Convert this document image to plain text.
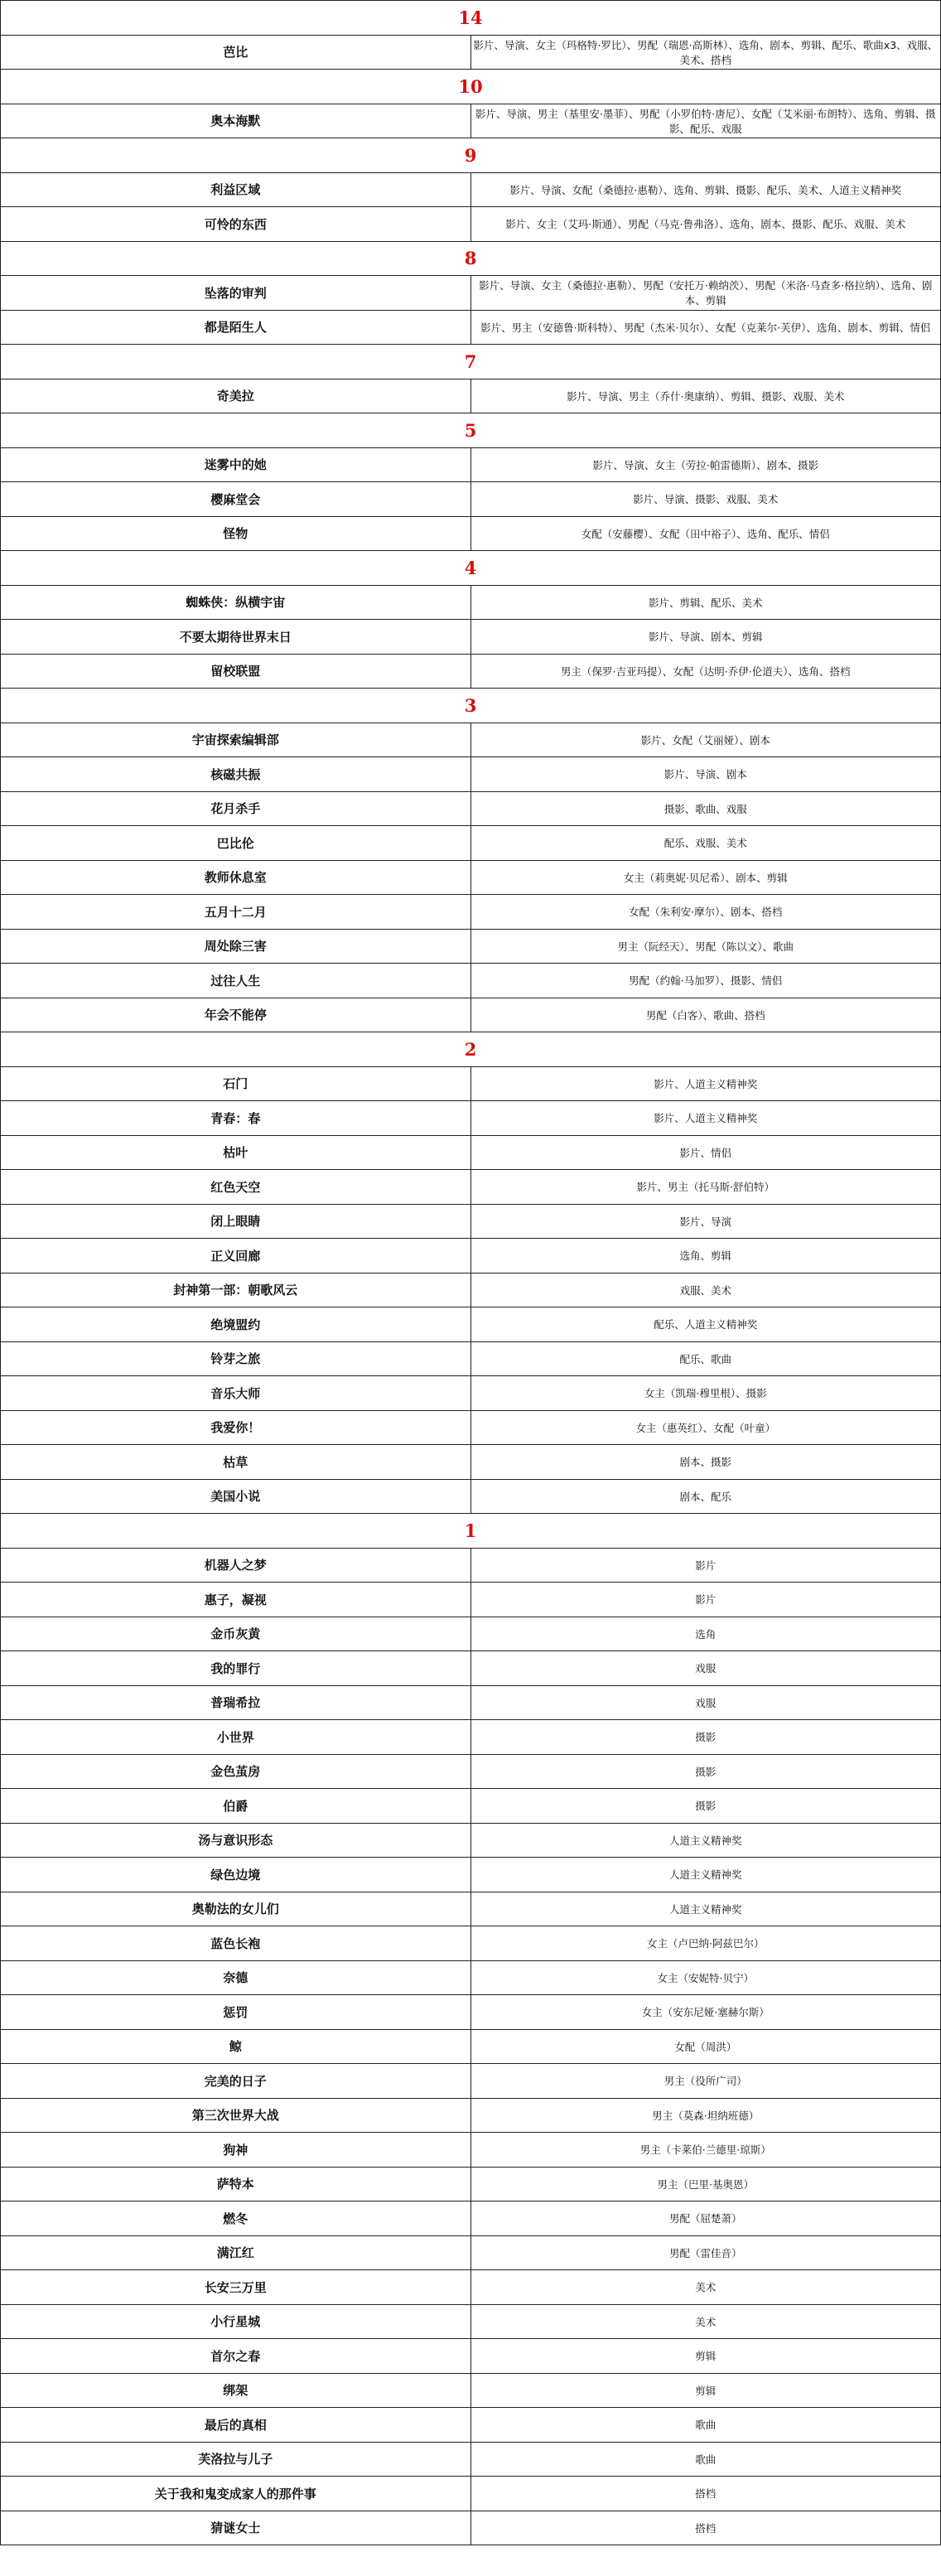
14	
芭比	影片、导演、女主（玛格特·罗比）、男配（瑞恩·高斯林）、选角、剧本、剪辑、配乐、歌曲x3、戏服、美术、搭档
10	
奥本海默	影片、导演、男主（基里安·墨菲）、男配（小罗伯特·唐尼）、女配（艾米丽·布朗特）、选角、剪辑、摄影、配乐、戏服
9	
利益区域	影片、导演、女配（桑德拉·惠勒）、选角、剪辑、摄影、配乐、美术、人道主义精神奖
可怜的东西	影片、女主（艾玛·斯通）、男配（马克·鲁弗洛）、选角、剧本、摄影、配乐、戏服、美术
8	
坠落的审判	影片、导演、女主（桑德拉·惠勒）、男配（安托万·赖纳茨）、男配（米洛·马查多·格拉纳）、选角、剧本、剪辑
都是陌生人	影片、男主（安德鲁·斯科特）、男配（杰米·贝尔）、女配（克莱尔·芙伊）、选角、剧本、剪辑、情侣
7	
奇美拉	影片、导演、男主（乔什·奥康纳）、剪辑、摄影、戏服、美术
5	
迷雾中的她	影片、导演、女主（劳拉·帕雷德斯）、剧本、摄影
樱麻堂会	影片、导演、摄影、戏服、美术
怪物	女配（安藤樱）、女配（田中裕子）、选角、配乐、情侣
4	
蜘蛛侠：纵横宇宙	影片、剪辑、配乐、美术
不要太期待世界末日	影片、导演、剧本、剪辑
留校联盟	男主（保罗·吉亚玛提）、女配（达明·乔伊·伦道夫）、选角、搭档
3	
宇宙探索编辑部	影片、女配（艾丽娅）、剧本
核磁共振	影片、导演、剧本
花月杀手	摄影、歌曲、戏服
巴比伦	配乐、戏服、美术
教师休息室	女主（莉奥妮·贝尼希）、剧本、剪辑
五月十二月	女配（朱利安·摩尔）、剧本、搭档
周处除三害	男主（阮经天）、男配（陈以文）、歌曲
过往人生	男配（约翰·马加罗）、摄影、情侣
年会不能停	男配（白客）、歌曲、搭档
2	
石门	影片、人道主义精神奖
青春：春	影片、人道主义精神奖
枯叶	影片、情侣
红色天空	影片、男主（托马斯·舒伯特）
闭上眼睛	影片、导演
正义回廊	选角、剪辑
封神第一部：朝歌风云	戏服、美术
绝境盟约	配乐、人道主义精神奖
铃芽之旅	配乐、歌曲
音乐大师	女主（凯瑞·穆里根）、摄影
我爱你！	女主（惠英红）、女配（叶童）
枯草	剧本、摄影
美国小说	剧本、配乐
1	
机器人之梦	影片
惠子，凝视	影片
金币灰黄	选角
我的罪行	戏服
普瑞希拉	戏服
小世界	摄影
金色茧房	摄影
伯爵	摄影
汤与意识形态	人道主义精神奖
绿色边境	人道主义精神奖
奥勒法的女儿们	人道主义精神奖
蓝色长袍	女主（卢巴纳·阿兹巴尔）
奈德	女主（安妮特·贝宁）
惩罚	女主（安东尼娅·塞赫尔斯）
鲸	女配（周洪）
完美的日子	男主（役所广司）
第三次世界大战	男主（莫森·坦纳班德）
狗神	男主（卡莱伯·兰德里·琼斯）
萨特本	男主（巴里·基奥恩）
燃冬	男配（屈楚萧）
满江红	男配（雷佳音）
长安三万里	美术
小行星城	美术
首尔之春	剪辑
绑架	剪辑
最后的真相	歌曲
芙洛拉与儿子	歌曲
关于我和鬼变成家人的那件事	搭档
猜谜女士	搭档
